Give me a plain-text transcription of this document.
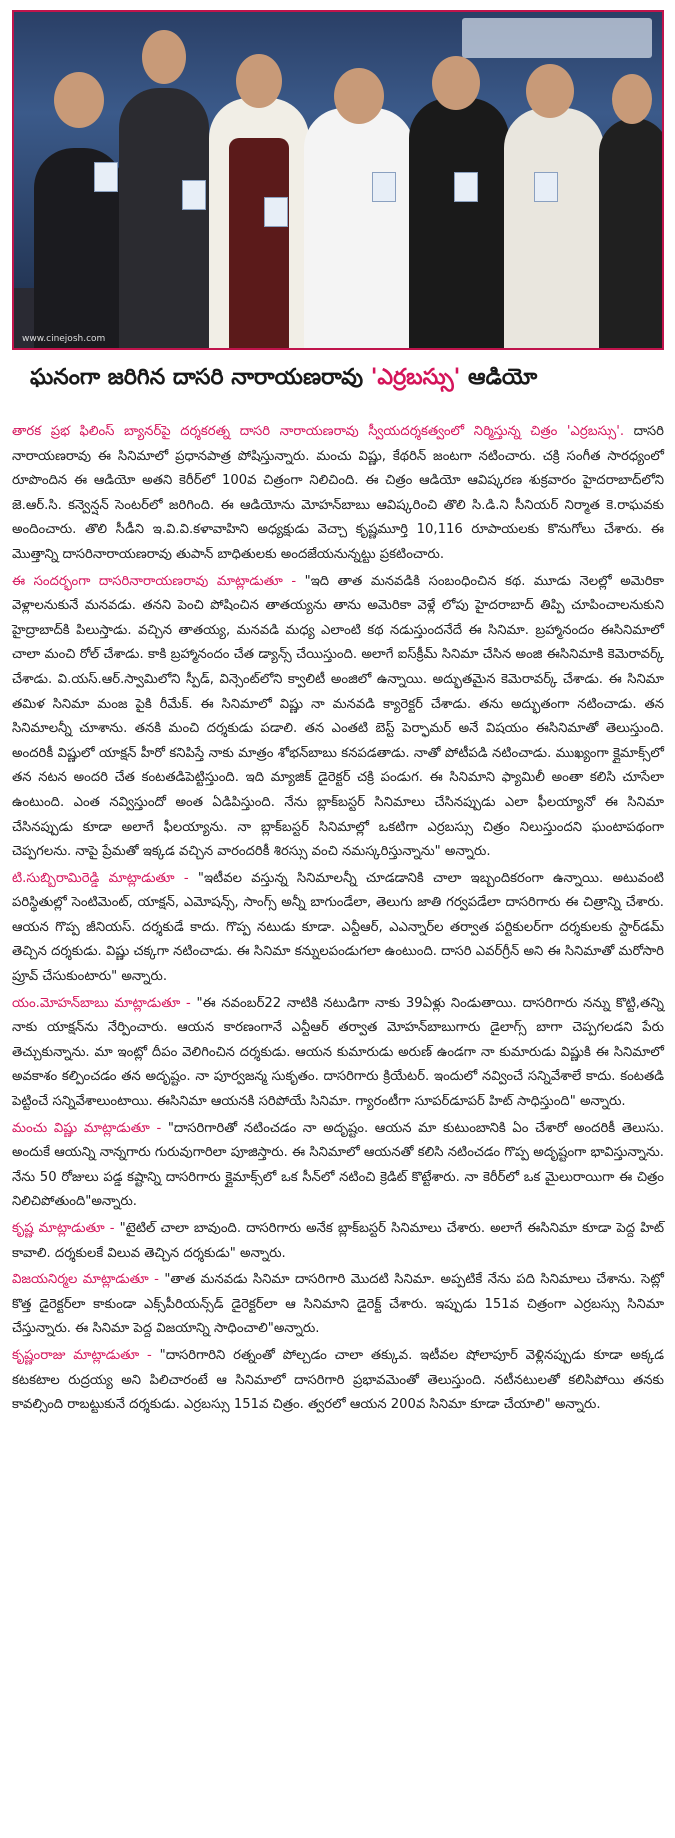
www.cinejosh.com
ఘనంగా జరిగిన దాసరి నారాయణరావు 'ఎర్రబస్సు' ఆడియో

తారక ప్రభ ఫిలింస్ బ్యానర్‌పై దర్శకరత్న దాసరి నారాయణరావు స్వీయదర్శకత్వంలో నిర్మిస్తున్న చిత్రం 'ఎర్రబస్సు'. దాసరి నారాయణరావు ఈ సినిమాలో ప్రధానపాత్ర పోషిస్తున్నారు. మంచు విష్ణు, కేథరిన్ జంటగా నటించారు. చక్రి సంగీత సారధ్యంలో రూపొందిన ఈ ఆడియో అతని కెరీర్‌లో 100వ చిత్రంగా నిలిచింది. ఈ చిత్రం ఆడియో ఆవిష్కరణ శుక్రవారం హైదరాబాద్‌లోని జె.ఆర్.సి. కన్వెన్షన్ సెంటర్‌లో జరిగింది. ఈ ఆడియోను మోహన్‌బాబు ఆవిష్కరించి తొలి సి.డి.ని సీనియర్ నిర్మాత కె.రాఘవకు అందించారు. తొలి సీడీని ఇ.వి.వి.కళావాహిని అధ్యక్షుడు వెచ్చా కృష్ణమూర్తి 10,116 రూపాయలకు కొనుగోలు చేశారు. ఈ మొత్తాన్ని దాసరినారాయణరావు తుపాన్ బాధితులకు అందజేయనున్నట్టు ప్రకటించారు.

ఈ సందర్భంగా దాసరినారాయణరావు మాట్లాడుతూ - "ఇది తాత మనవడికి సంబంధించిన కథ. మూడు నెలల్లో అమెరికా వెళ్లాలనుకునే మనవడు. తనని పెంచి పోషించిన తాతయ్యను తాను అమెరికా వెళ్లే లోపు హైదరాబాద్ తిప్పి చూపించాలనుకుని హైద్రాబాద్‌కి పిలుస్తాడు. వచ్చిన తాతయ్య, మనవడి మధ్య ఎలాంటి కథ నడుస్తుందనేదే ఈ సినిమా. బ్రహ్మానందం ఈసినిమాలో చాలా మంచి రోల్ చేశాడు. కాకి బ్రహ్మానందం చేత డ్యాన్స్ చేయిస్తుంది. అలాగే ఐస్‌క్రీమ్ సినిమా చేసిన అంజి ఈసినిమాకి కెమెరావర్క్ చేశాడు. వి.యస్.ఆర్.స్వామిలోని స్పీడ్, విన్సెంట్‌లోని క్వాలిటీ అంజిలో ఉన్నాయి. అద్భుతమైన కెమెరావర్క్ చేశాడు. ఈ సినిమా తమిళ సినిమా మంజ పైకి రీమేక్. ఈ సినిమాలో విష్ణు నా మనవడి క్యారెక్టర్ చేశాడు. తను అద్భుతంగా నటించాడు. తన సినిమాలన్నీ చూశాను. తనకి మంచి దర్శకుడు పడాలి. తన ఎంతటి బెస్ట్ పెర్ఫామర్ అనే విషయం ఈసినిమాతో తెలుస్తుంది. అందరికీ విష్ణులో యాక్షన్ హీరో కనిపిస్తే నాకు మాత్రం శోభన్‌బాబు కనపడతాడు. నాతో పోటీపడి నటించాడు. ముఖ్యంగా క్లైమాక్స్‌లో తన నటన అందరి చేత కంటతడిపెట్టిస్తుంది. ఇది మ్యాజిక్ డైరెక్టర్ చక్రి పండుగ. ఈ సినిమాని ఫ్యామిలీ అంతా కలిసి చూసేలా ఉంటుంది. ఎంత నవ్విస్తుందో అంత ఏడిపిస్తుంది. నేను బ్లాక్‌బస్టర్ సినిమాలు చేసినప్పుడు ఎలా ఫీలయ్యానో ఈ సినిమా చేసినప్పుడు కూడా అలాగే ఫీలయ్యాను. నా బ్లాక్‌బస్టర్ సినిమాల్లో ఒకటిగా ఎర్రబస్సు చిత్రం నిలుస్తుందని ఘంటాపథంగా చెప్పగలను. నాపై ప్రేమతో ఇక్కడ వచ్చిన వారందరికీ శిరస్సు వంచి నమస్కరిస్తున్నాను" అన్నారు.

టి.సుబ్బిరామిరెడ్డి మాట్లాడుతూ - "ఇటీవల వస్తున్న సినిమాలన్నీ చూడడానికి చాలా ఇబ్బందికరంగా ఉన్నాయి. అటువంటి పరిస్థితుల్లో సెంటిమెంట్, యాక్షన్, ఎమోషన్స్, సాంగ్స్ అన్నీ బాగుండేలా, తెలుగు జాతి గర్వపడేలా దాసరిగారు ఈ చిత్రాన్ని చేశారు. ఆయన గొప్ప జీనియస్. దర్శకుడే కాదు. గొప్ప నటుడు కూడా. ఎన్టీఆర్, ఎఎన్నార్‌ల తర్వాత పర్టికులర్‌గా దర్శకులకు స్టార్‌డమ్ తెచ్చిన దర్శకుడు. విష్ణు చక్కగా నటించాడు. ఈ సినిమా కన్నులపండుగలా ఉంటుంది. దాసరి ఎవర్‌గ్రీన్ అని ఈ సినిమాతో మరోసారి ప్రూవ్ చేసుకుంటారు" అన్నారు.

యం.మోహన్‌బాబు మాట్లాడుతూ - "ఈ నవంబర్22 నాటికి నటుడిగా నాకు 39ఏళ్లు నిండుతాయి. దాసరిగారు నన్ను కొట్టి,తన్ని నాకు యాక్షన్‌ను నేర్పించారు. ఆయన కారణంగానే ఎన్టీఆర్ తర్వాత మోహన్‌బాబుగారు డైలాగ్స్ బాగా చెప్పగలడని పేరు తెచ్చుకున్నాను. మా ఇంట్లో దీపం వెలిగించిన దర్శకుడు. ఆయన కుమారుడు అరుణ్ ఉండగా నా కుమారుడు విష్ణుకి ఈ సినిమాలో అవకాశం కల్పించడం తన అదృష్టం. నా పూర్వజన్మ సుకృతం. దాసరిగారు క్రియేటర్. ఇందులో నవ్వించే సన్నివేశాలే కాదు. కంటతడి పెట్టించే సన్నివేశాలుంటాయి. ఈసినిమా ఆయనకి సరిపోయే సినిమా. గ్యారంటీగా సూపర్‌డూపర్ హిట్ సాధిస్తుంది" అన్నారు.

మంచు విష్ణు మాట్లాడుతూ - "దాసరిగారితో నటించడం నా అదృష్టం. ఆయన మా కుటుంబానికి ఏం చేశారో అందరికీ తెలుసు. అందుకే ఆయన్ని నాన్నగారు గురువుగారిలా పూజిస్తారు. ఈ సినిమాలో ఆయనతో కలిసి నటించడం గొప్ప అదృష్టంగా భావిస్తున్నాను. నేను 50 రోజులు పడ్డ కష్టాన్ని దాసరిగారు క్లైమాక్స్‌లో ఒక సీన్‌లో నటించి క్రెడిట్ కొట్టేశారు. నా కెరీర్‌లో ఒక మైలురాయిగా ఈ చిత్రం నిలిచిపోతుంది"అన్నారు.

కృష్ణ మాట్లాడుతూ - "టైటిల్ చాలా బావుంది. దాసరిగారు అనేక బ్లాక్‌బస్టర్ సినిమాలు చేశారు. అలాగే ఈసినిమా కూడా పెద్ద హిట్ కావాలి. దర్శకులకే విలువ తెచ్చిన దర్శకుడు" అన్నారు.

విజయనిర్మల మాట్లాడుతూ - "తాత మనవడు సినిమా దాసరిగారి మొదటి సినిమా. అప్పటికే నేను పది సినిమాలు చేశాను. సెట్లో కొత్త డైరెక్టర్‌లా కాకుండా ఎక్స్‌పీరియన్స్‌డ్ డైరెక్టర్‌లా ఆ సినిమాని డైరెక్ట్ చేశారు. ఇప్పుడు 151వ చిత్రంగా ఎర్రబస్సు సినిమా చేస్తున్నారు. ఈ సినిమా పెద్ద విజయాన్ని సాధించాలి"అన్నారు.

కృష్ణంరాజు మాట్లాడుతూ - "దాసరిగారిని రత్నంతో పోల్చడం చాలా తక్కువ. ఇటీవల షోలాపూర్ వెళ్లినప్పుడు కూడా అక్కడ కటకటాల రుద్రయ్య అని పిలిచారంటే ఆ సినిమాలో దాసరిగారి ప్రభావమెంతో తెలుస్తుంది. నటీనటులతో కలిసిపోయి తనకు కావల్సింది రాబట్టుకునే దర్శకుడు. ఎర్రబస్సు 151వ చిత్రం. త్వరలో ఆయన 200వ సినిమా కూడా చేయాలి" అన్నారు.
